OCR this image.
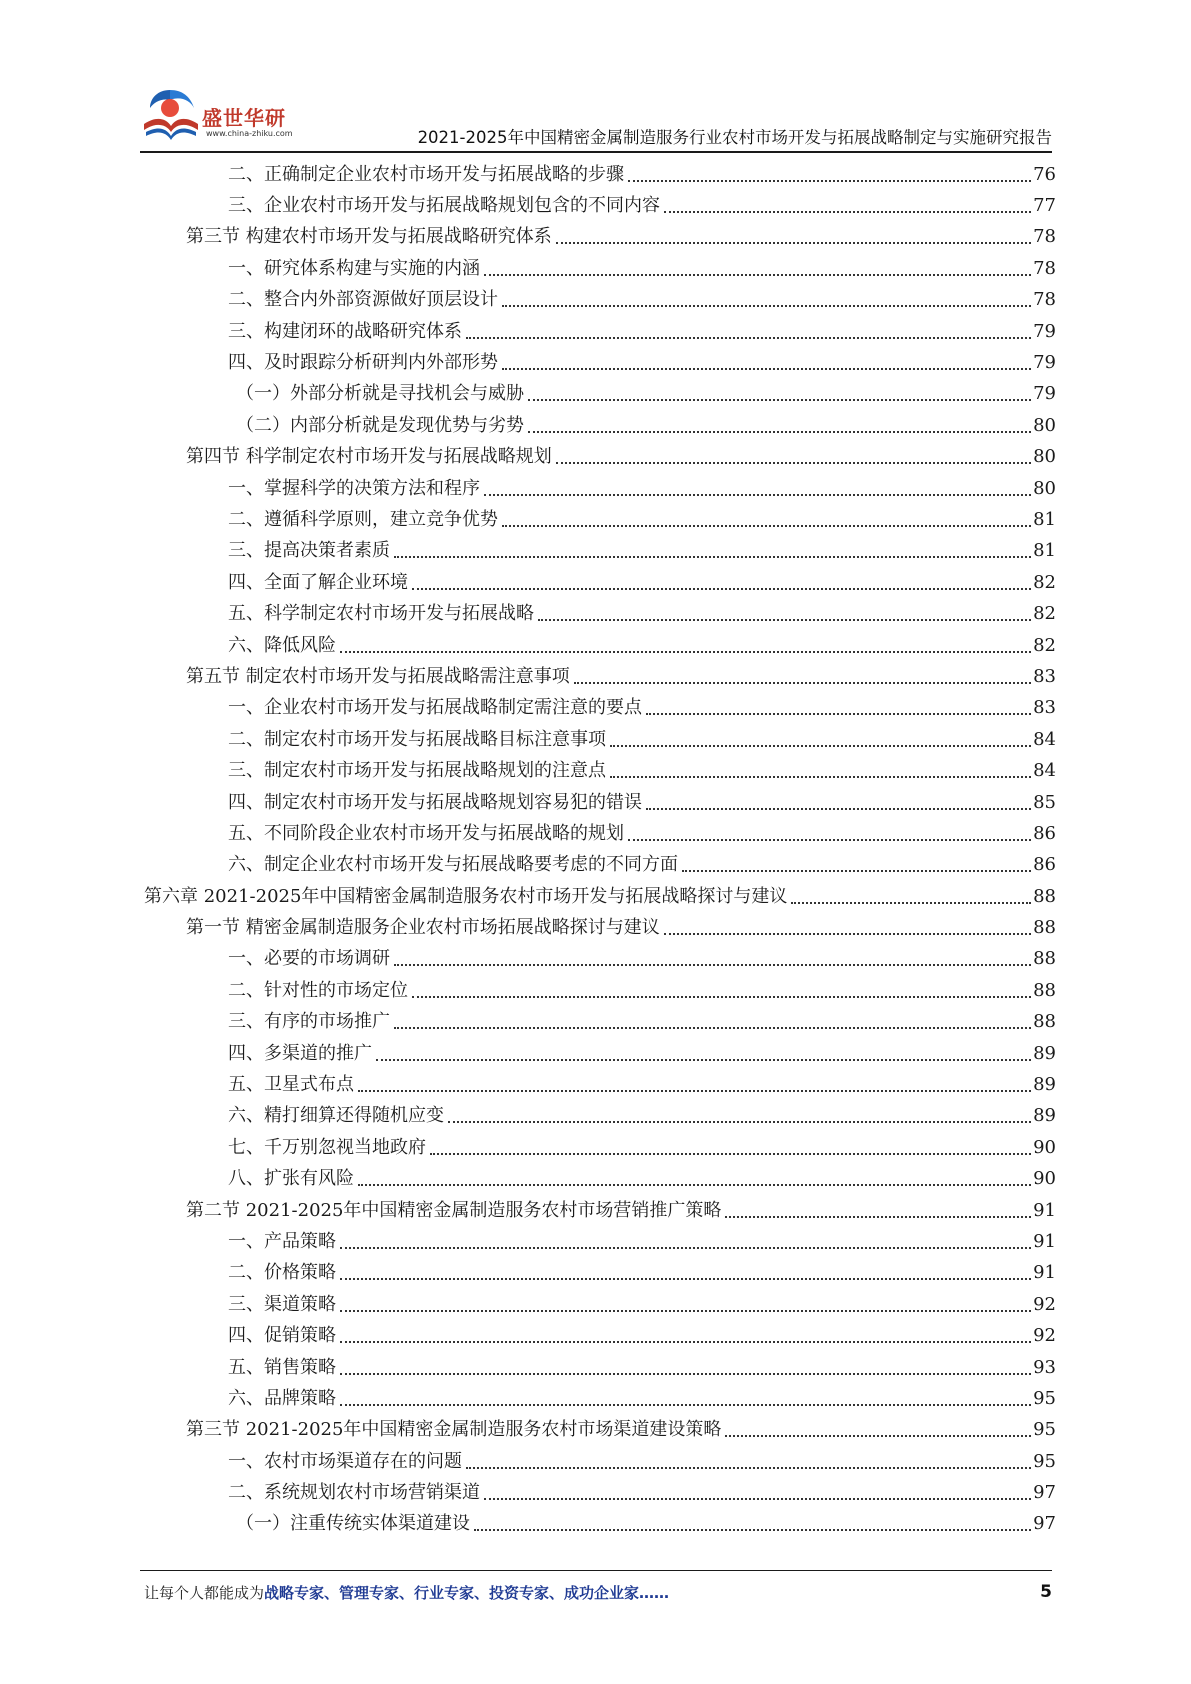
盛世华研
www.china-zhiku.com	2021-2025年中国精密金属制造服务行业农村市场开发与拓展战略制定与实施研究报告
二、正确制定企业农村市场开发与拓展战略的步骤	76
三、企业农村市场开发与拓展战略规划包含的不同内容	77
第三节 构建农村市场开发与拓展战略研究体系	78
一、研究体系构建与实施的内涵	78
二、整合内外部资源做好顶层设计	78
三、构建闭环的战略研究体系	79
四、及时跟踪分析研判内外部形势	79
（一）外部分析就是寻找机会与威胁	79
（二）内部分析就是发现优势与劣势	80
第四节 科学制定农村市场开发与拓展战略规划	80
一、掌握科学的决策方法和程序	80
二、遵循科学原则，建立竞争优势	81
三、提高决策者素质	81
四、全面了解企业环境	82
五、科学制定农村市场开发与拓展战略	82
六、降低风险	82
第五节 制定农村市场开发与拓展战略需注意事项	83
一、企业农村市场开发与拓展战略制定需注意的要点	83
二、制定农村市场开发与拓展战略目标注意事项	84
三、制定农村市场开发与拓展战略规划的注意点	84
四、制定农村市场开发与拓展战略规划容易犯的错误	85
五、不同阶段企业农村市场开发与拓展战略的规划	86
六、制定企业农村市场开发与拓展战略要考虑的不同方面	86
第六章 2021-2025年中国精密金属制造服务农村市场开发与拓展战略探讨与建议	88
第一节 精密金属制造服务企业农村市场拓展战略探讨与建议	88
一、必要的市场调研	88
二、针对性的市场定位	88
三、有序的市场推广	88
四、多渠道的推广	89
五、卫星式布点	89
六、精打细算还得随机应变	89
七、千万别忽视当地政府	90
八、扩张有风险	90
第二节 2021-2025年中国精密金属制造服务农村市场营销推广策略	91
一、产品策略	91
二、价格策略	91
三、渠道策略	92
四、促销策略	92
五、销售策略	93
六、品牌策略	95
第三节 2021-2025年中国精密金属制造服务农村市场渠道建设策略	95
一、农村市场渠道存在的问题	95
二、系统规划农村市场营销渠道	97
（一）注重传统实体渠道建设	97
让每个人都能成为战略专家、管理专家、行业专家、投资专家、成功企业家……	5
